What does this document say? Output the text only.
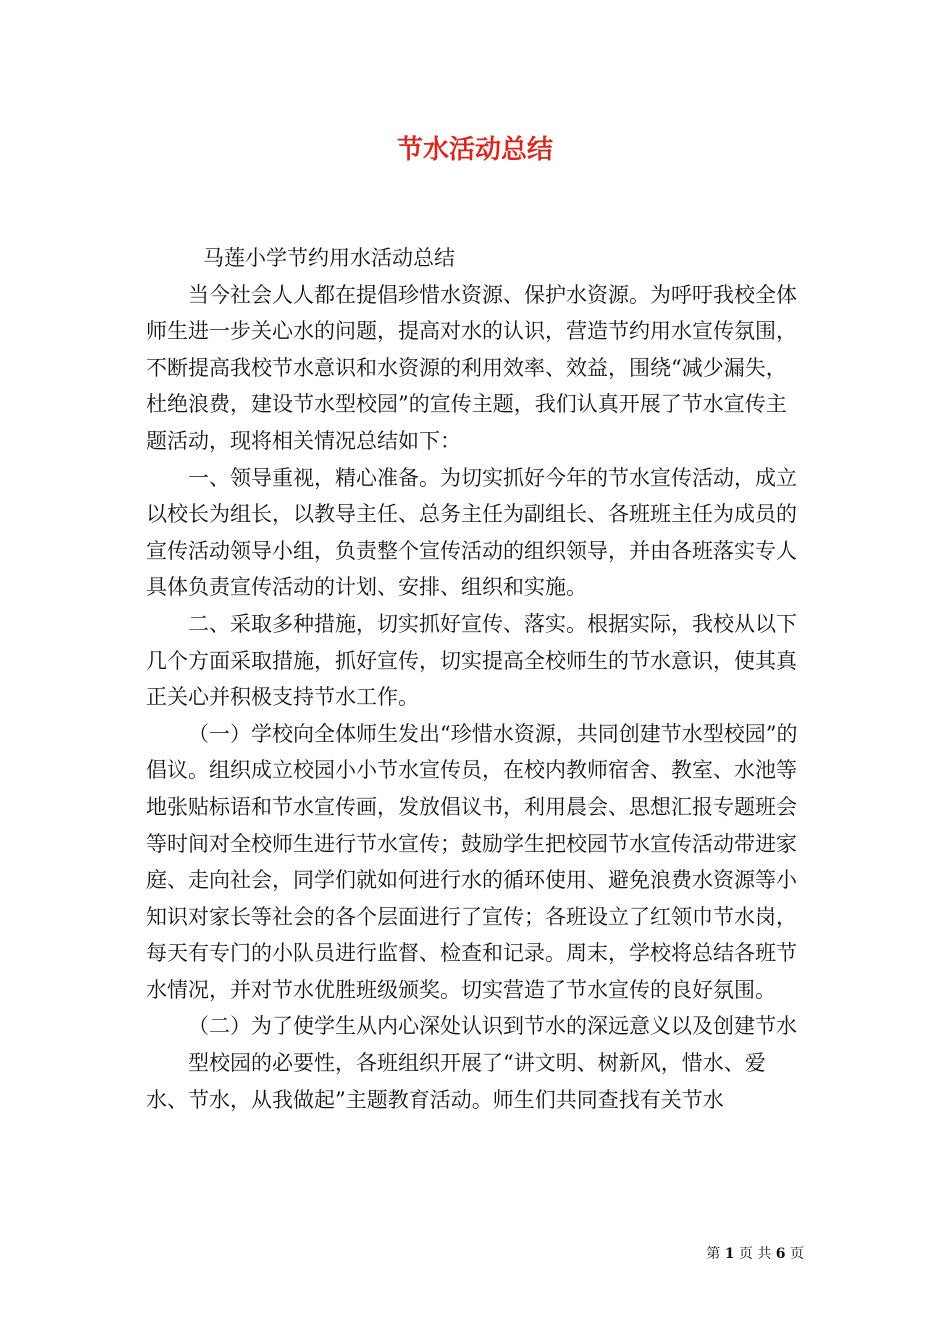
节水活动总结

马莲小学节约用水活动总结

当今社会人人都在提倡珍惜水资源、保护水资源。为呼吁我校全体师生进一步关心水的问题，提高对水的认识，营造节约用水宣传氛围，不断提高我校节水意识和水资源的利用效率、效益，围绕“减少漏失，杜绝浪费，建设节水型校园”的宣传主题，我们认真开展了节水宣传主题活动，现将相关情况总结如下：

一、领导重视，精心准备。为切实抓好今年的节水宣传活动，成立以校长为组长，以教导主任、总务主任为副组长、各班班主任为成员的宣传活动领导小组，负责整个宣传活动的组织领导，并由各班落实专人具体负责宣传活动的计划、安排、组织和实施。

二、采取多种措施，切实抓好宣传、落实。根据实际，我校从以下几个方面采取措施，抓好宣传，切实提高全校师生的节水意识，使其真正关心并积极支持节水工作。

（一）学校向全体师生发出“珍惜水资源，共同创建节水型校园”的倡议。组织成立校园小小节水宣传员，在校内教师宿舍、教室、水池等地张贴标语和节水宣传画，发放倡议书，利用晨会、思想汇报专题班会等时间对全校师生进行节水宣传；鼓励学生把校园节水宣传活动带进家庭、走向社会，同学们就如何进行水的循环使用、避免浪费水资源等小知识对家长等社会的各个层面进行了宣传；各班设立了红领巾节水岗，每天有专门的小队员进行监督、检查和记录。周末，学校将总结各班节水情况，并对节水优胜班级颁奖。切实营造了节水宣传的良好氛围。

（二）为了使学生从内心深处认识到节水的深远意义以及创建节水

型校园的必要性，各班组织开展了“讲文明、树新风，惜水、爱水、节水，从我做起”主题教育活动。师生们共同查找有关节水

第 1 页 共 6 页
